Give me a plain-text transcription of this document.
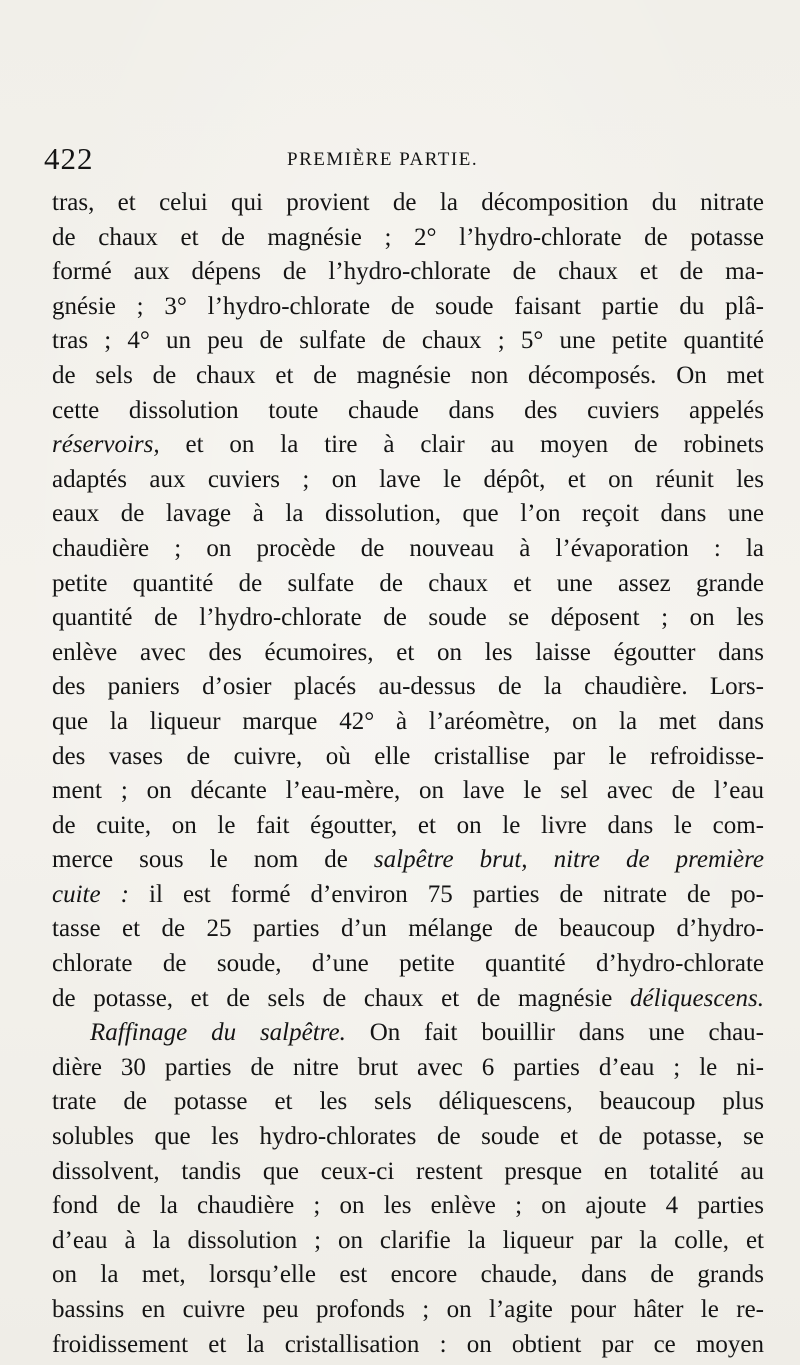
422	PREMIÈRE PARTIE.
tras, et celui qui provient de la décomposition du nitrate
de chaux et de magnésie ; 2° l’hydro-chlorate de potasse
formé aux dépens de l’hydro-chlorate de chaux et de ma-
gnésie ; 3° l’hydro-chlorate de soude faisant partie du plâ-
tras ; 4° un peu de sulfate de chaux ; 5° une petite quantité
de sels de chaux et de magnésie non décomposés. On met
cette dissolution toute chaude dans des cuviers appelés
réservoirs, et on la tire à clair au moyen de robinets
adaptés aux cuviers ; on lave le dépôt, et on réunit les
eaux de lavage à la dissolution, que l’on reçoit dans une
chaudière ; on procède de nouveau à l’évaporation : la
petite quantité de sulfate de chaux et une assez grande
quantité de l’hydro-chlorate de soude se déposent ; on les
enlève avec des écumoires, et on les laisse égoutter dans
des paniers d’osier placés au-dessus de la chaudière. Lors-
que la liqueur marque 42° à l’aréomètre, on la met dans
des vases de cuivre, où elle cristallise par le refroidisse-
ment ; on décante l’eau-mère, on lave le sel avec de l’eau
de cuite, on le fait égoutter, et on le livre dans le com-
merce sous le nom de salpêtre brut, nitre de première
cuite : il est formé d’environ 75 parties de nitrate de po-
tasse et de 25 parties d’un mélange de beaucoup d’hydro-
chlorate de soude, d’une petite quantité d’hydro-chlorate
de potasse, et de sels de chaux et de magnésie déliquescens.
Raffinage du salpêtre. On fait bouillir dans une chau-
dière 30 parties de nitre brut avec 6 parties d’eau ; le ni-
trate de potasse et les sels déliquescens, beaucoup plus
solubles que les hydro-chlorates de soude et de potasse, se
dissolvent, tandis que ceux-ci restent presque en totalité au
fond de la chaudière ; on les enlève ; on ajoute 4 parties
d’eau à la dissolution ; on clarifie la liqueur par la colle, et
on la met, lorsqu’elle est encore chaude, dans de grands
bassins en cuivre peu profonds ; on l’agite pour hâter le re-
froidissement et la cristallisation : on obtient par ce moyen
